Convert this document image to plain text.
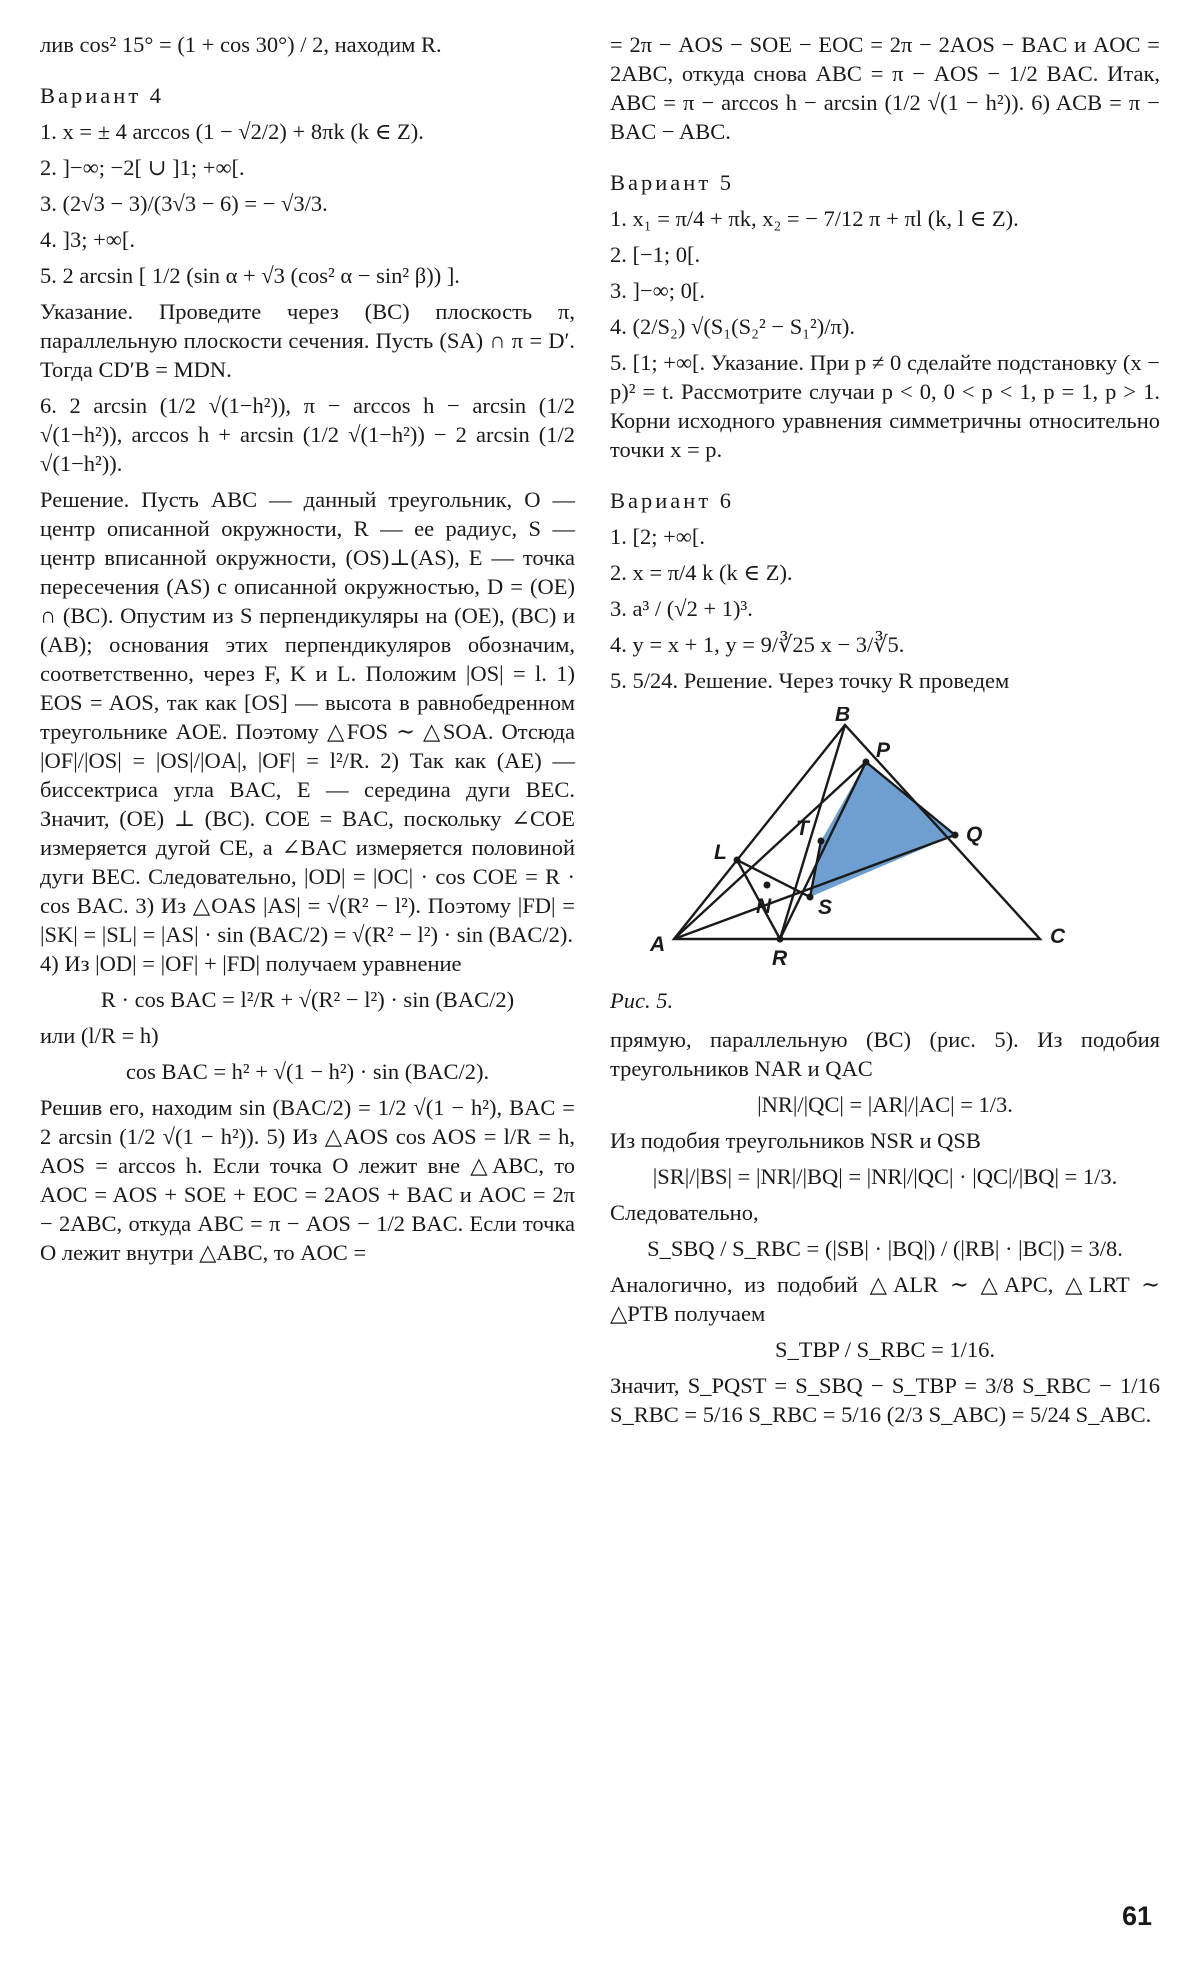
лив cos² 15° = (1 + cos 30°) / 2, находим R.

Вариант 4

1. x = ± 4 arccos (1 − √2/2) + 8πk (k ∈ Z).

2. ]−∞; −2[ ∪ ]1; +∞[.

3. (2√3 − 3)/(3√3 − 6) = − √3/3.

4. ]3; +∞[.

5. 2 arcsin [ 1/2 (sin α + √3 (cos² α − sin² β)) ].

Указание. Проведите через (BC) плоскость π, параллельную плоскости сечения. Пусть (SA) ∩ π = D′. Тогда CD′B = MDN.

6. 2 arcsin (1/2 √(1−h²)), π − arccos h − arcsin (1/2 √(1−h²)), arccos h + arcsin (1/2 √(1−h²)) − 2 arcsin (1/2 √(1−h²)).

Решение. Пусть ABC — данный треугольник, O — центр описанной окружности, R — ее радиус, S — центр вписанной окружности, (OS)⊥(AS), E — точка пересечения (AS) с описанной окружностью, D = (OE) ∩ (BC). Опустим из S перпендикуляры на (OE), (BC) и (AB); основания этих перпендикуляров обозначим, соответственно, через F, K и L. Положим |OS| = l. 1) EOS = AOS, так как [OS] — высота в равнобедренном треугольнике AOE. Поэтому △FOS ∼ △SOA. Отсюда |OF|/|OS| = |OS|/|OA|, |OF| = l²/R. 2) Так как (AE) — биссектриса угла BAC, E — середина дуги BEC. Значит, (OE) ⊥ (BC). COE = BAC, поскольку ∠COE измеряется дугой CE, а ∠BAC измеряется половиной дуги BEC. Следовательно, |OD| = |OC| · cos COE = R · cos BAC. 3) Из △OAS |AS| = √(R² − l²). Поэтому |FD| = |SK| = |SL| = |AS| · sin (BAC/2) = √(R² − l²) · sin (BAC/2).

4) Из |OD| = |OF| + |FD| получаем уравнение

R · cos BAC = l²/R + √(R² − l²) · sin (BAC/2)

или (l/R = h)

cos BAC = h² + √(1 − h²) · sin (BAC/2).

Решив его, находим sin (BAC/2) = 1/2 √(1 − h²), BAC = 2 arcsin (1/2 √(1 − h²)). 5) Из △AOS cos AOS = l/R = h, AOS = arccos h. Если точка O лежит вне △ABC, то AOC = AOS + SOE + EOC = 2AOS + BAC и AOC = 2π − 2ABC, откуда ABC = π − AOS − 1/2 BAC. Если точка O лежит внутри △ABC, то AOC =

= 2π − AOS − SOE − EOC = 2π − 2AOS − BAC и AOC = 2ABC, откуда снова ABC = π − AOS − 1/2 BAC. Итак, ABC = π − arccos h − arcsin (1/2 √(1 − h²)). 6) ACB = π − BAC − ABC.

Вариант 5

1. x₁ = π/4 + πk, x₂ = − 7/12 π + πl (k, l ∈ Z).

2. [−1; 0[.

3. ]−∞; 0[.

4. (2/S₂) √(S₁(S₂² − S₁²)/π).

5. [1; +∞[. Указание. При p ≠ 0 сделайте подстановку (x − p)² = t. Рассмотрите случаи p < 0, 0 < p < 1, p = 1, p > 1. Корни исходного уравнения симметричны относительно точки x = p.

Вариант 6

1. [2; +∞[.

2. x = π/4 k (k ∈ Z).

3. a³ / (√2 + 1)³.

4. y = x + 1, y = 9/∛25 x − 3/∛5.

5. 5/24. Решение. Через точку R проведем

B
P
T	Q
L
S
N
A
R
C

Рис. 5.

прямую, параллельную (BC) (рис. 5). Из подобия треугольников NAR и QAC

|NR|/|QC| = |AR|/|AC| = 1/3.

Из подобия треугольников NSR и QSB

|SR|/|BS| = |NR|/|BQ| = |NR|/|QC| · |QC|/|BQ| = 1/3.

Следовательно,

S_SBQ / S_RBC = (|SB| · |BQ|) / (|RB| · |BC|) = 3/8.

Аналогично, из подобий △ALR ∼ △APC, △LRT ∼ △PTB получаем

S_TBP / S_RBC = 1/16.

Значит, S_PQST = S_SBQ − S_TBP = 3/8 S_RBC − 1/16 S_RBC = 5/16 S_RBC = 5/16 (2/3 S_ABC) = 5/24 S_ABC.

61
